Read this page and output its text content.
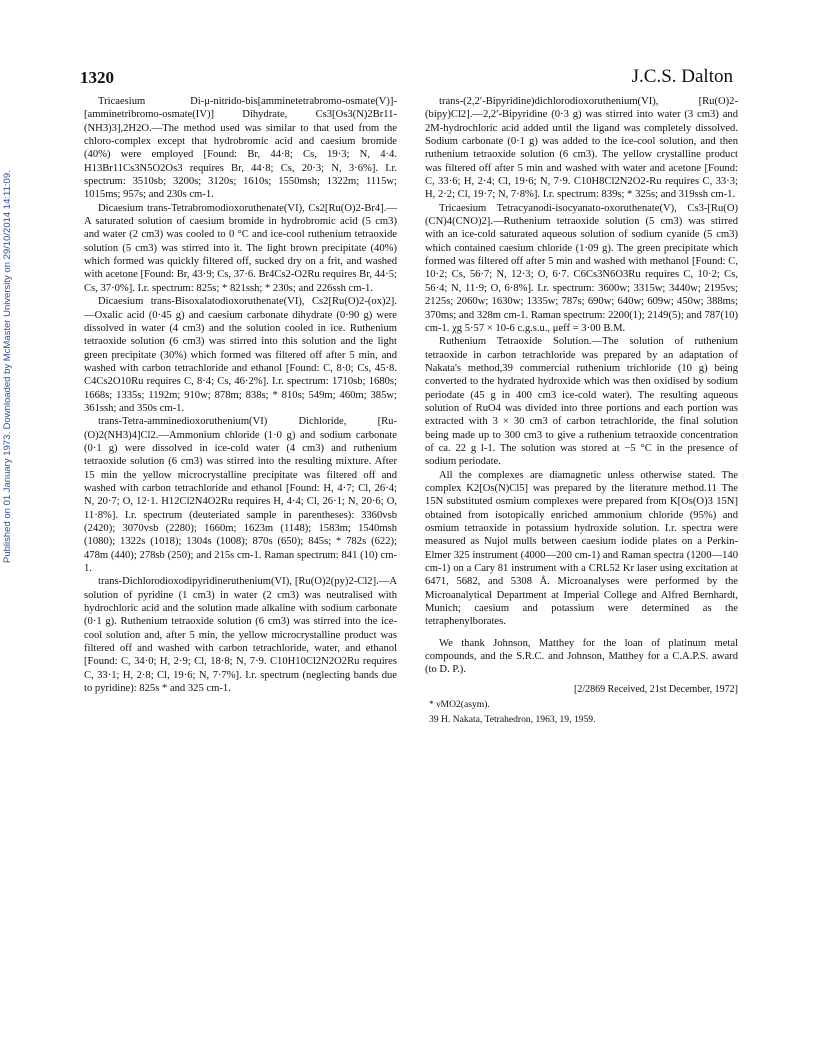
1320	J.C.S. Dalton
Published on 01 January 1973. Downloaded by McMaster University on 29/10/2014 14:11:09.

Tricaesium Di-μ-nitrido-bis[amminetetrabromo-osmate(V)]-[amminetribromo-osmate(IV)] Dihydrate, Cs3[Os3(N)2Br11-(NH3)3],2H2O.—The method used was similar to that used from the chloro-complex except that hydrobromic acid and caesium bromide (40%) were employed [Found: Br, 44·8; Cs, 19·3; N, 4·4. H13Br11Cs3N5O2Os3 requires Br, 44·8; Cs, 20·3; N, 3·6%]. I.r. spectrum: 3510sb; 3200s; 3120s; 1610s; 1550msh; 1322m; 1115w; 1015ms; 957s; and 230s cm-1.

Dicaesium trans-Tetrabromodioxoruthenate(VI), Cs2[Ru(O)2-Br4].—A saturated solution of caesium bromide in hydrobromic acid (5 cm3) and water (2 cm3) was cooled to 0 °C and ice-cool ruthenium tetraoxide solution (5 cm3) was stirred into it. The light brown precipitate (40%) which formed was quickly filtered off, sucked dry on a frit, and washed with acetone [Found: Br, 43·9; Cs, 37·6. Br4Cs2-O2Ru requires Br, 44·5; Cs, 37·0%]. I.r. spectrum: 825s; * 821ssh; * 230s; and 226ssh cm-1.

Dicaesium trans-Bisoxalatodioxoruthenate(VI), Cs2[Ru(O)2-(ox)2].—Oxalic acid (0·45 g) and caesium carbonate dihydrate (0·90 g) were dissolved in water (4 cm3) and the solution cooled in ice. Ruthenium tetraoxide solution (6 cm3) was stirred into this solution and the light green precipitate (30%) which formed was filtered off after 5 min, and washed with carbon tetrachloride and ethanol [Found: C, 8·0; Cs, 45·8. C4Cs2O10Ru requires C, 8·4; Cs, 46·2%]. I.r. spectrum: 1710sb; 1680s; 1668s; 1335s; 1192m; 910w; 878m; 838s; * 810s; 549m; 460m; 385w; 361ssh; and 350s cm-1.

trans-Tetra-amminedioxoruthenium(VI) Dichloride, [Ru-(O)2(NH3)4]Cl2.—Ammonium chloride (1·0 g) and sodium carbonate (0·1 g) were dissolved in ice-cold water (4 cm3) and ruthenium tetraoxide solution (6 cm3) was stirred into the resulting mixture. After 15 min the yellow microcrystalline precipitate was filtered off and washed with carbon tetrachloride and ethanol [Found: H, 4·7; Cl, 26·4; N, 20·7; O, 12·1. H12Cl2N4O2Ru requires H, 4·4; Cl, 26·1; N, 20·6; O, 11·8%]. I.r. spectrum (deuteriated sample in parentheses): 3360vsb (2420); 3070vsb (2280); 1660m; 1623m (1148); 1583m; 1540msh (1080); 1322s (1018); 1304s (1008); 870s (650); 845s; * 782s (622); 478m (440); 278sb (250); and 215s cm-1. Raman spectrum: 841 (10) cm-1.

trans-Dichlorodioxodipyridineruthenium(VI), [Ru(O)2(py)2-Cl2].—A solution of pyridine (1 cm3) in water (2 cm3) was neutralised with hydrochloric acid and the solution made alkaline with sodium carbonate (0·1 g). Ruthenium tetraoxide solution (6 cm3) was stirred into the ice-cool solution and, after 5 min, the yellow microcrystalline product was filtered off and washed with carbon tetrachloride, water, and ethanol [Found: C, 34·0; H, 2·9; Cl, 18·8; N, 7·9. C10H10Cl2N2O2Ru requires C, 33·1; H, 2·8; Cl, 19·6; N, 7·7%]. I.r. spectrum (neglecting bands due to pyridine): 825s * and 325 cm-1.

trans-(2,2′-Bipyridine)dichlorodioxoruthenium(VI), [Ru(O)2-(bipy)Cl2].—2,2′-Bipyridine (0·3 g) was stirred into water (3 cm3) and 2M-hydrochloric acid added until the ligand was completely dissolved. Sodium carbonate (0·1 g) was added to the ice-cool solution, and then ruthenium tetraoxide solution (6 cm3). The yellow crystalline product was filtered off after 5 min and washed with water and acetone [Found: C, 33·6; H, 2·4; Cl, 19·6; N, 7·9. C10H8Cl2N2O2-Ru requires C, 33·3; H, 2·2; Cl, 19·7; N, 7·8%]. I.r. spectrum: 839s; * 325s; and 319ssh cm-1.

Tricaesium Tetracyanodi-isocyanato-oxoruthenate(V), Cs3-[Ru(O)(CN)4(CNO)2].—Ruthenium tetraoxide solution (5 cm3) was stirred with an ice-cold saturated aqueous solution of sodium cyanide (5 cm3) which contained caesium chloride (1·09 g). The green precipitate which formed was filtered off after 5 min and washed with methanol [Found: C, 10·2; Cs, 56·7; N, 12·3; O, 6·7. C6Cs3N6O3Ru requires C, 10·2; Cs, 56·4; N, 11·9; O, 6·8%]. I.r. spectrum: 3600w; 3315w; 3440w; 2195vs; 2125s; 2060w; 1630w; 1335w; 787s; 690w; 640w; 609w; 450w; 388ms; 370ms; and 328m cm-1. Raman spectrum: 2200(1); 2149(5); and 787(10) cm-1. χg 5·57 × 10-6 c.g.s.u., μeff = 3·00 B.M.

Ruthenium Tetraoxide Solution.—The solution of ruthenium tetraoxide in carbon tetrachloride was prepared by an adaptation of Nakata's method,39 commercial ruthenium trichloride (10 g) being converted to the hydrated hydroxide which was then oxidised by sodium periodate (45 g in 400 cm3 ice-cold water). The resulting aqueous solution of RuO4 was divided into three portions and each portion was extracted with 3 × 30 cm3 of carbon tetrachloride, the final solution being made up to 300 cm3 to give a ruthenium tetraoxide concentration of ca. 22 g l-1. The solution was stored at −5 °C in the presence of sodium periodate.

All the complexes are diamagnetic unless otherwise stated. The complex K2[Os(N)Cl5] was prepared by the literature method.11 The 15N substituted osmium complexes were prepared from K[Os(O)3 15N] obtained from isotopically enriched ammonium chloride (95%) and osmium tetraoxide in potassium hydroxide solution. I.r. spectra were measured as Nujol mulls between caesium iodide plates on a Perkin-Elmer 325 instrument (4000—200 cm-1) and Raman spectra (1200—140 cm-1) on a Cary 81 instrument with a CRL52 Kr laser using excitation at 6471, 5682, and 5308 Å. Microanalyses were performed by the Microanalytical Department at Imperial College and Alfred Bernhardt, Munich; caesium and potassium were determined as the tetraphenylborates.

We thank Johnson, Matthey for the loan of platinum metal compounds, and the S.R.C. and Johnson, Matthey for a C.A.P.S. award (to D. P.).

[2/2869 Received, 21st December, 1972]

* νMO2(asym).

39 H. Nakata, Tetrahedron, 1963, 19, 1959.
